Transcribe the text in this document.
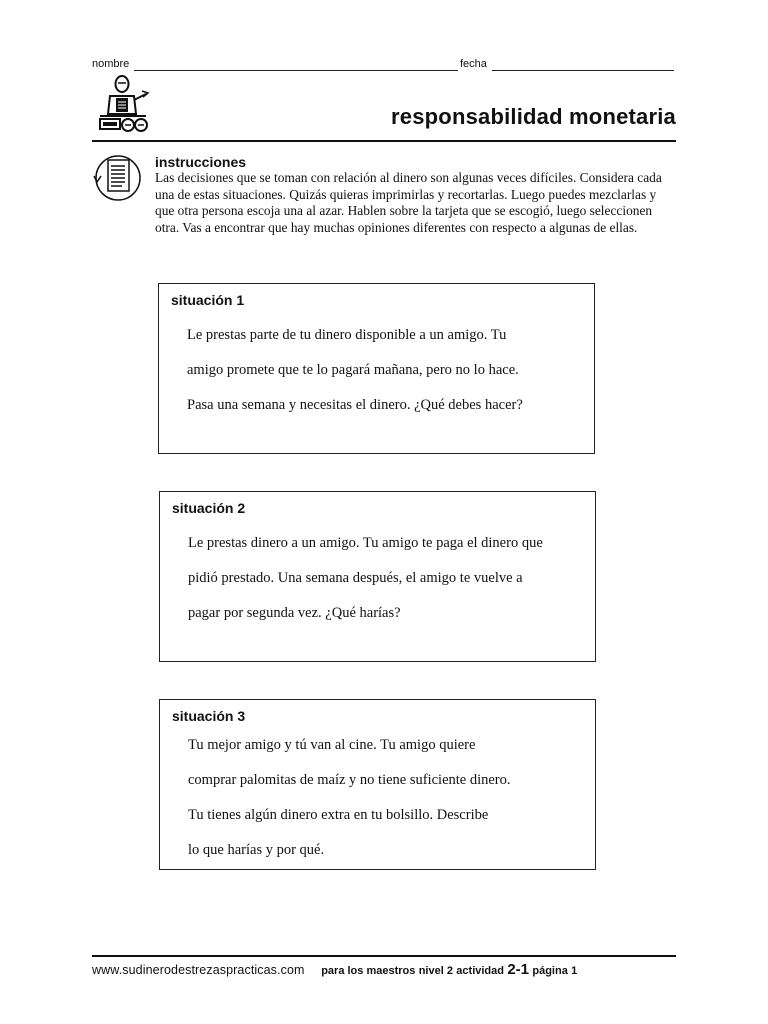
nombre	fecha
responsabilidad monetaria
instrucciones
Las decisiones que se toman con relación al dinero son algunas veces difíciles. Considera cada una de estas situaciones. Quizás quieras imprimirlas y recortarlas. Luego puedes mezclarlas y que otra persona escoja una al azar. Hablen sobre la tarjeta que se escogió, luego seleccionen otra. Vas a encontrar que hay muchas opiniones diferentes con respecto a algunas de ellas.
situación 1
Le prestas parte de tu dinero disponible a un amigo. Tu
amigo promete que te lo pagará mañana, pero no lo hace.
Pasa una semana y necesitas el dinero. ¿Qué debes hacer?
situación 2
Le prestas dinero a un amigo. Tu amigo te paga el dinero que
pidió prestado. Una semana después, el amigo te vuelve a
pagar por segunda vez. ¿Qué harías?
situación 3
Tu mejor amigo y tú van al cine. Tu amigo quiere
comprar palomitas de maíz y no tiene suficiente dinero.
Tu tienes algún dinero extra en tu bolsillo. Describe
lo que harías y por qué.
www.sudinerodestrezaspracticas.com para los maestros nivel 2 actividad 2-1 página 1
